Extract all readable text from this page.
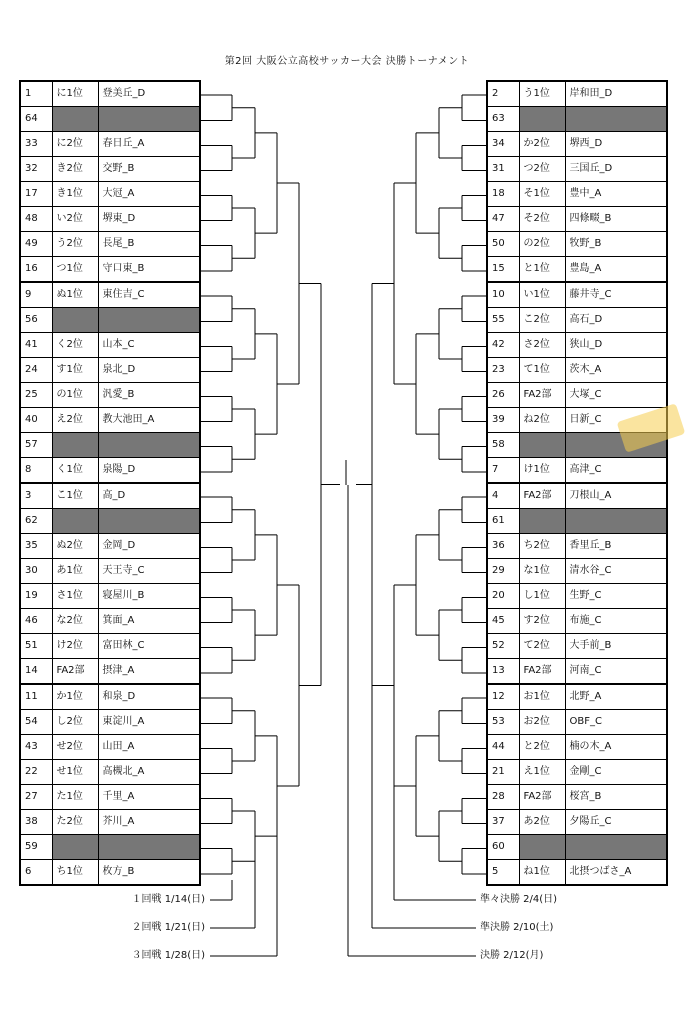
第2回 大阪公立高校サッカー大会 決勝トーナメント
1	に1位	登美丘_D
64		
33	に2位	春日丘_A
32	き2位	交野_B
17	き1位	大冠_A
48	い2位	堺東_D
49	う2位	長尾_B
16	つ1位	守口東_B
9	ぬ1位	東住吉_C
56		
41	く2位	山本_C
24	す1位	泉北_D
25	の1位	汎愛_B
40	え2位	教大池田_A
57		
8	く1位	泉陽_D
3	こ1位	高_D
62		
35	ぬ2位	金岡_D
30	あ1位	天王寺_C
19	さ1位	寝屋川_B
46	な2位	箕面_A
51	け2位	富田林_C
14	FA2部	摂津_A
11	か1位	和泉_D
54	し2位	東淀川_A
43	せ2位	山田_A
22	せ1位	高槻北_A
27	た1位	千里_A
38	た2位	芥川_A
59		
6	ち1位	枚方_B
2	う1位	岸和田_D
63		
34	か2位	堺西_D
31	つ2位	三国丘_D
18	そ1位	豊中_A
47	そ2位	四條畷_B
50	の2位	牧野_B
15	と1位	豊島_A
10	い1位	藤井寺_C
55	こ2位	高石_D
42	さ2位	狭山_D
23	て1位	茨木_A
26	FA2部	大塚_C
39	ね2位	日新_C
58		
7	け1位	高津_C
4	FA2部	刀根山_A
61		
36	ち2位	香里丘_B
29	な1位	清水谷_C
20	し1位	生野_C
45	す2位	布施_C
52	て2位	大手前_B
13	FA2部	河南_C
12	お1位	北野_A
53	お2位	OBF_C
44	と2位	楠の木_A
21	え1位	金剛_C
28	FA2部	桜宮_B
37	あ2位	夕陽丘_C
60		
5	ね1位	北摂つばさ_A
１回戦 1/14(日)
２回戦 1/21(日)
３回戦 1/28(日)
準々決勝 2/4(日)
準決勝 2/10(土)
決勝 2/12(月)
